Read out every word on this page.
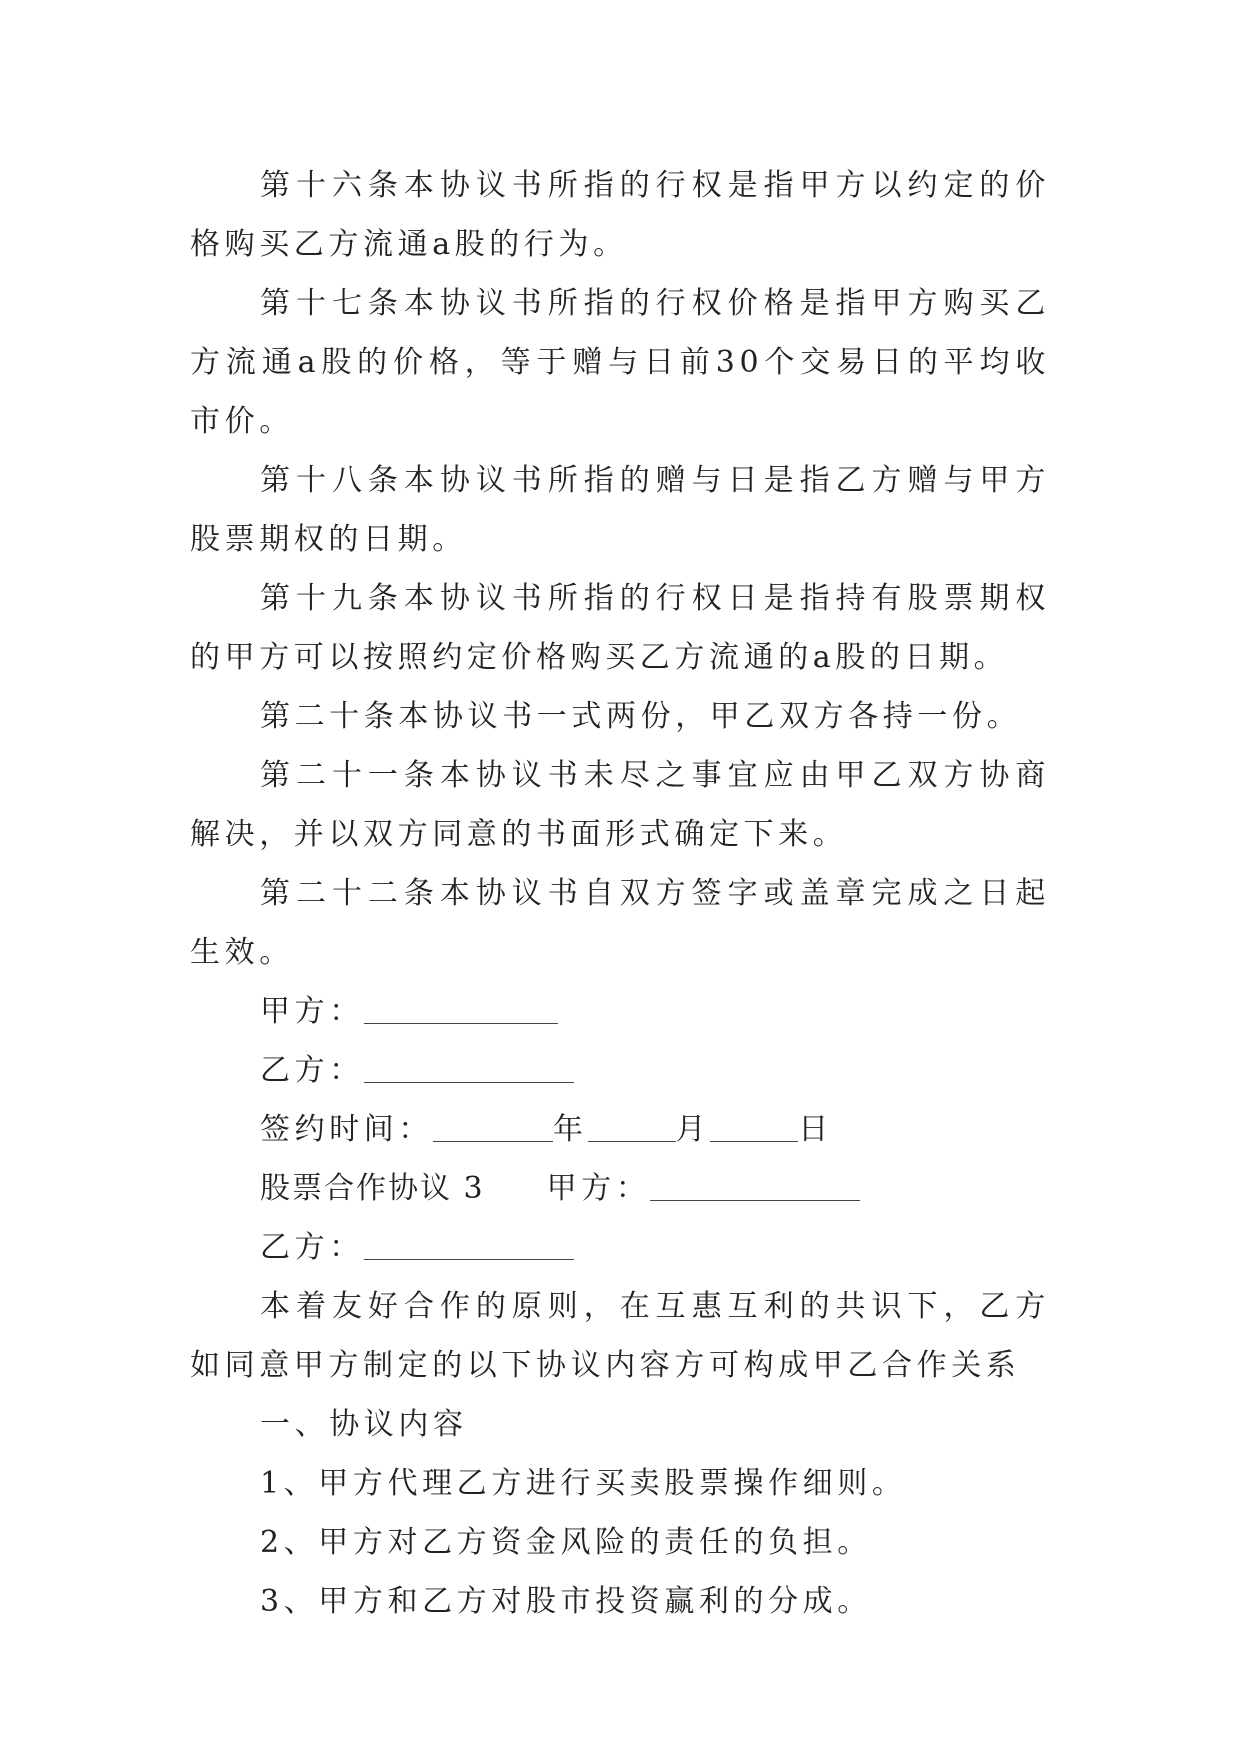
第十六条本协议书所指的行权是指甲方以约定的价格购买乙方流通a股的行为。

第十七条本协议书所指的行权价格是指甲方购买乙方流通a股的价格，等于赠与日前30个交易日的平均收市价。

第十八条本协议书所指的赠与日是指乙方赠与甲方股票期权的日期。

第十九条本协议书所指的行权日是指持有股票期权的甲方可以按照约定价格购买乙方流通的a股的日期。

第二十条本协议书一式两份，甲乙双方各持一份。

第二十一条本协议书未尽之事宜应由甲乙双方协商解决，并以双方同意的书面形式确定下来。

第二十二条本协议书自双方签字或盖章完成之日起生效。

甲方：
乙方：
签约时间：	年	月	日
股票合作协议 3 甲方：
乙方：

本着友好合作的原则，在互惠互利的共识下，乙方如同意甲方制定的以下协议内容方可构成甲乙合作关系

一、协议内容
1、甲方代理乙方进行买卖股票操作细则。
2、甲方对乙方资金风险的责任的负担。
3、甲方和乙方对股市投资赢利的分成。
